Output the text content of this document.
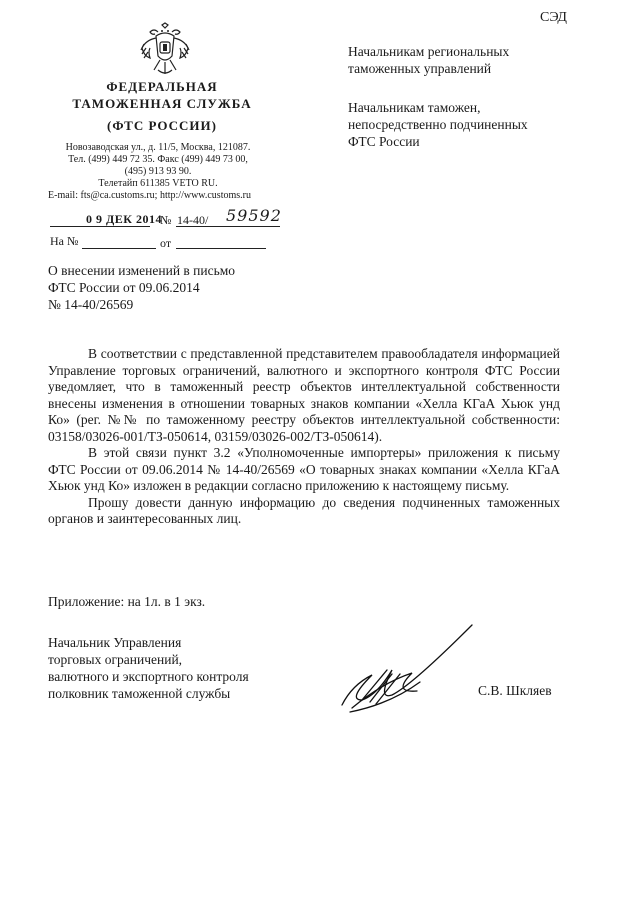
СЭД
ФЕДЕРАЛЬНАЯ
ТАМОЖЕННАЯ СЛУЖБА
(ФТС РОССИИ)
Новозаводская ул., д. 11/5, Москва, 121087.
Тел. (499) 449 72 35. Факс (499) 449 73 00,
(495) 913 93 90.
Телетайп 611385 VETO RU.
E-mail: fts@ca.customs.ru; http://www.customs.ru
0 9 ДЕК 2014
№ 14-40/ 59592
На №	от
Начальникам региональных
таможенных управлений
Начальникам таможен,
непосредственно подчиненных
ФТС России
О внесении изменений в письмо
ФТС России от 09.06.2014
№ 14-40/26569

В соответствии с представленной представителем правообладателя информацией Управление торговых ограничений, валютного и экспортного контроля ФТС России уведомляет, что в таможенный реестр объектов интеллектуальной собственности внесены изменения в отношении товарных знаков компании «Хелла КГаА Хьюк унд Ко» (рег. №№ по таможенному реестру объектов интеллектуальной собственности: 03158/03026-001/ТЗ-050614, 03159/03026-002/ТЗ-050614).

В этой связи пункт 3.2 «Уполномоченные импортеры» приложения к письму ФТС России от 09.06.2014 № 14-40/26569 «О товарных знаках компании «Хелла КГаА Хьюк унд Ко» изложен в редакции согласно приложению к настоящему письму.

Прошу довести данную информацию до сведения подчиненных таможенных органов и заинтересованных лиц.

Приложение: на 1л. в 1 экз.
Начальник Управления
торговых ограничений,
валютного и экспортного контроля
полковник таможенной службы	С.В. Шкляев
